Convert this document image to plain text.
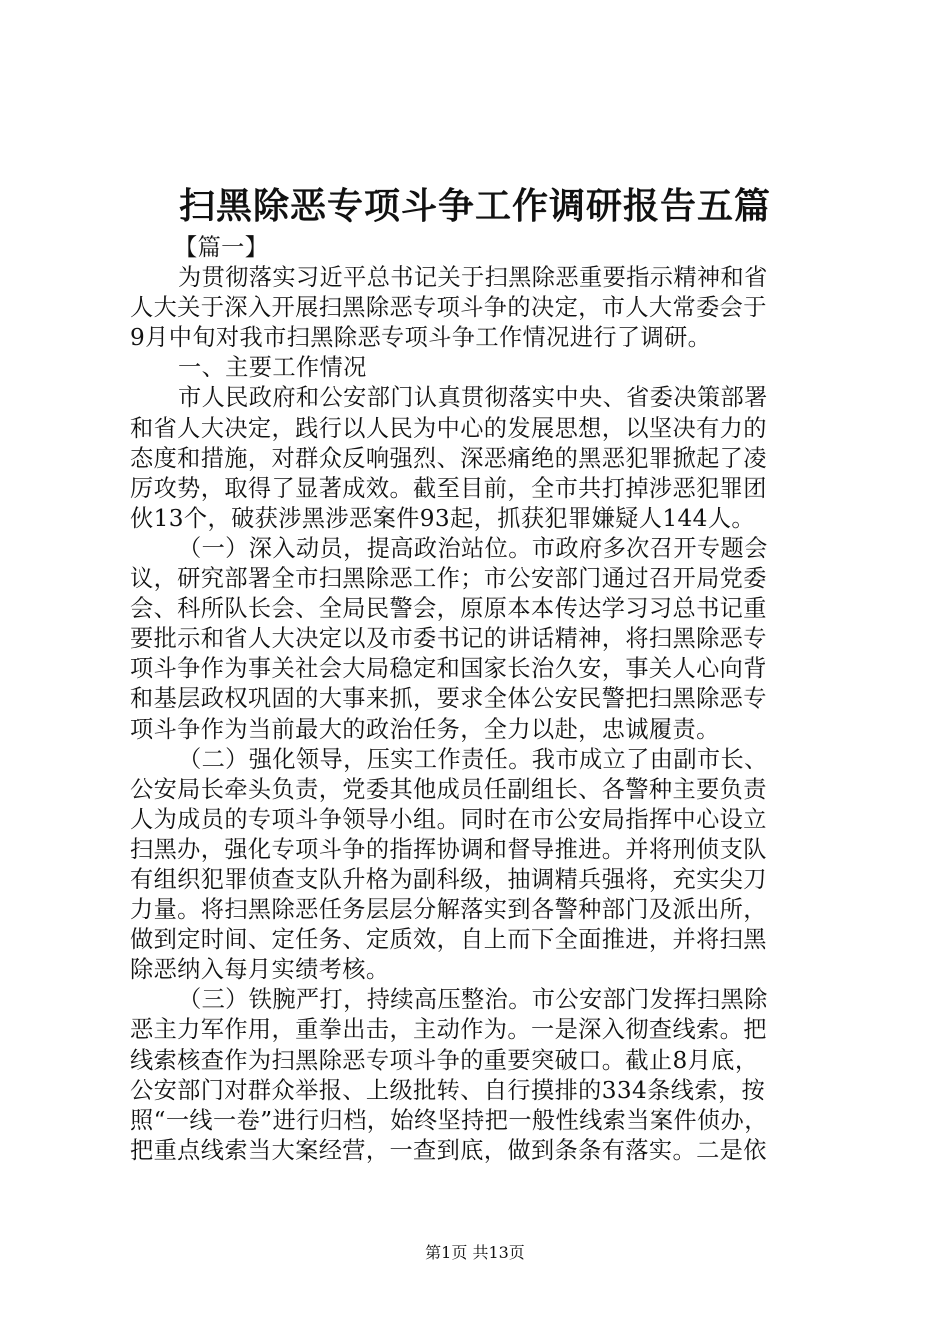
扫黑除恶专项斗争工作调研报告五篇
【篇一】
为贯彻落实习近平总书记关于扫黑除恶重要指示精神和省
人大关于深入开展扫黑除恶专项斗争的决定，市人大常委会于
9月中旬对我市扫黑除恶专项斗争工作情况进行了调研。
一、主要工作情况
市人民政府和公安部门认真贯彻落实中央、省委决策部署
和省人大决定，践行以人民为中心的发展思想，以坚决有力的
态度和措施，对群众反响强烈、深恶痛绝的黑恶犯罪掀起了凌
厉攻势，取得了显著成效。截至目前，全市共打掉涉恶犯罪团
伙13个，破获涉黑涉恶案件93起，抓获犯罪嫌疑人144人。
（一）深入动员，提高政治站位。市政府多次召开专题会
议，研究部署全市扫黑除恶工作；市公安部门通过召开局党委
会、科所队长会、全局民警会，原原本本传达学习习总书记重
要批示和省人大决定以及市委书记的讲话精神，将扫黑除恶专
项斗争作为事关社会大局稳定和国家长治久安，事关人心向背
和基层政权巩固的大事来抓，要求全体公安民警把扫黑除恶专
项斗争作为当前最大的政治任务，全力以赴，忠诚履责。
（二）强化领导，压实工作责任。我市成立了由副市长、
公安局长牵头负责，党委其他成员任副组长、各警种主要负责
人为成员的专项斗争领导小组。同时在市公安局指挥中心设立
扫黑办，强化专项斗争的指挥协调和督导推进。并将刑侦支队
有组织犯罪侦查支队升格为副科级，抽调精兵强将，充实尖刀
力量。将扫黑除恶任务层层分解落实到各警种部门及派出所，
做到定时间、定任务、定质效，自上而下全面推进，并将扫黑
除恶纳入每月实绩考核。
（三）铁腕严打，持续高压整治。市公安部门发挥扫黑除
恶主力军作用，重拳出击，主动作为。一是深入彻查线索。把
线索核查作为扫黑除恶专项斗争的重要突破口。截止8月底，
公安部门对群众举报、上级批转、自行摸排的334条线索，按
照“一线一卷”进行归档，始终坚持把一般性线索当案件侦办，
把重点线索当大案经营，一查到底，做到条条有落实。二是依
第1页 共13页
